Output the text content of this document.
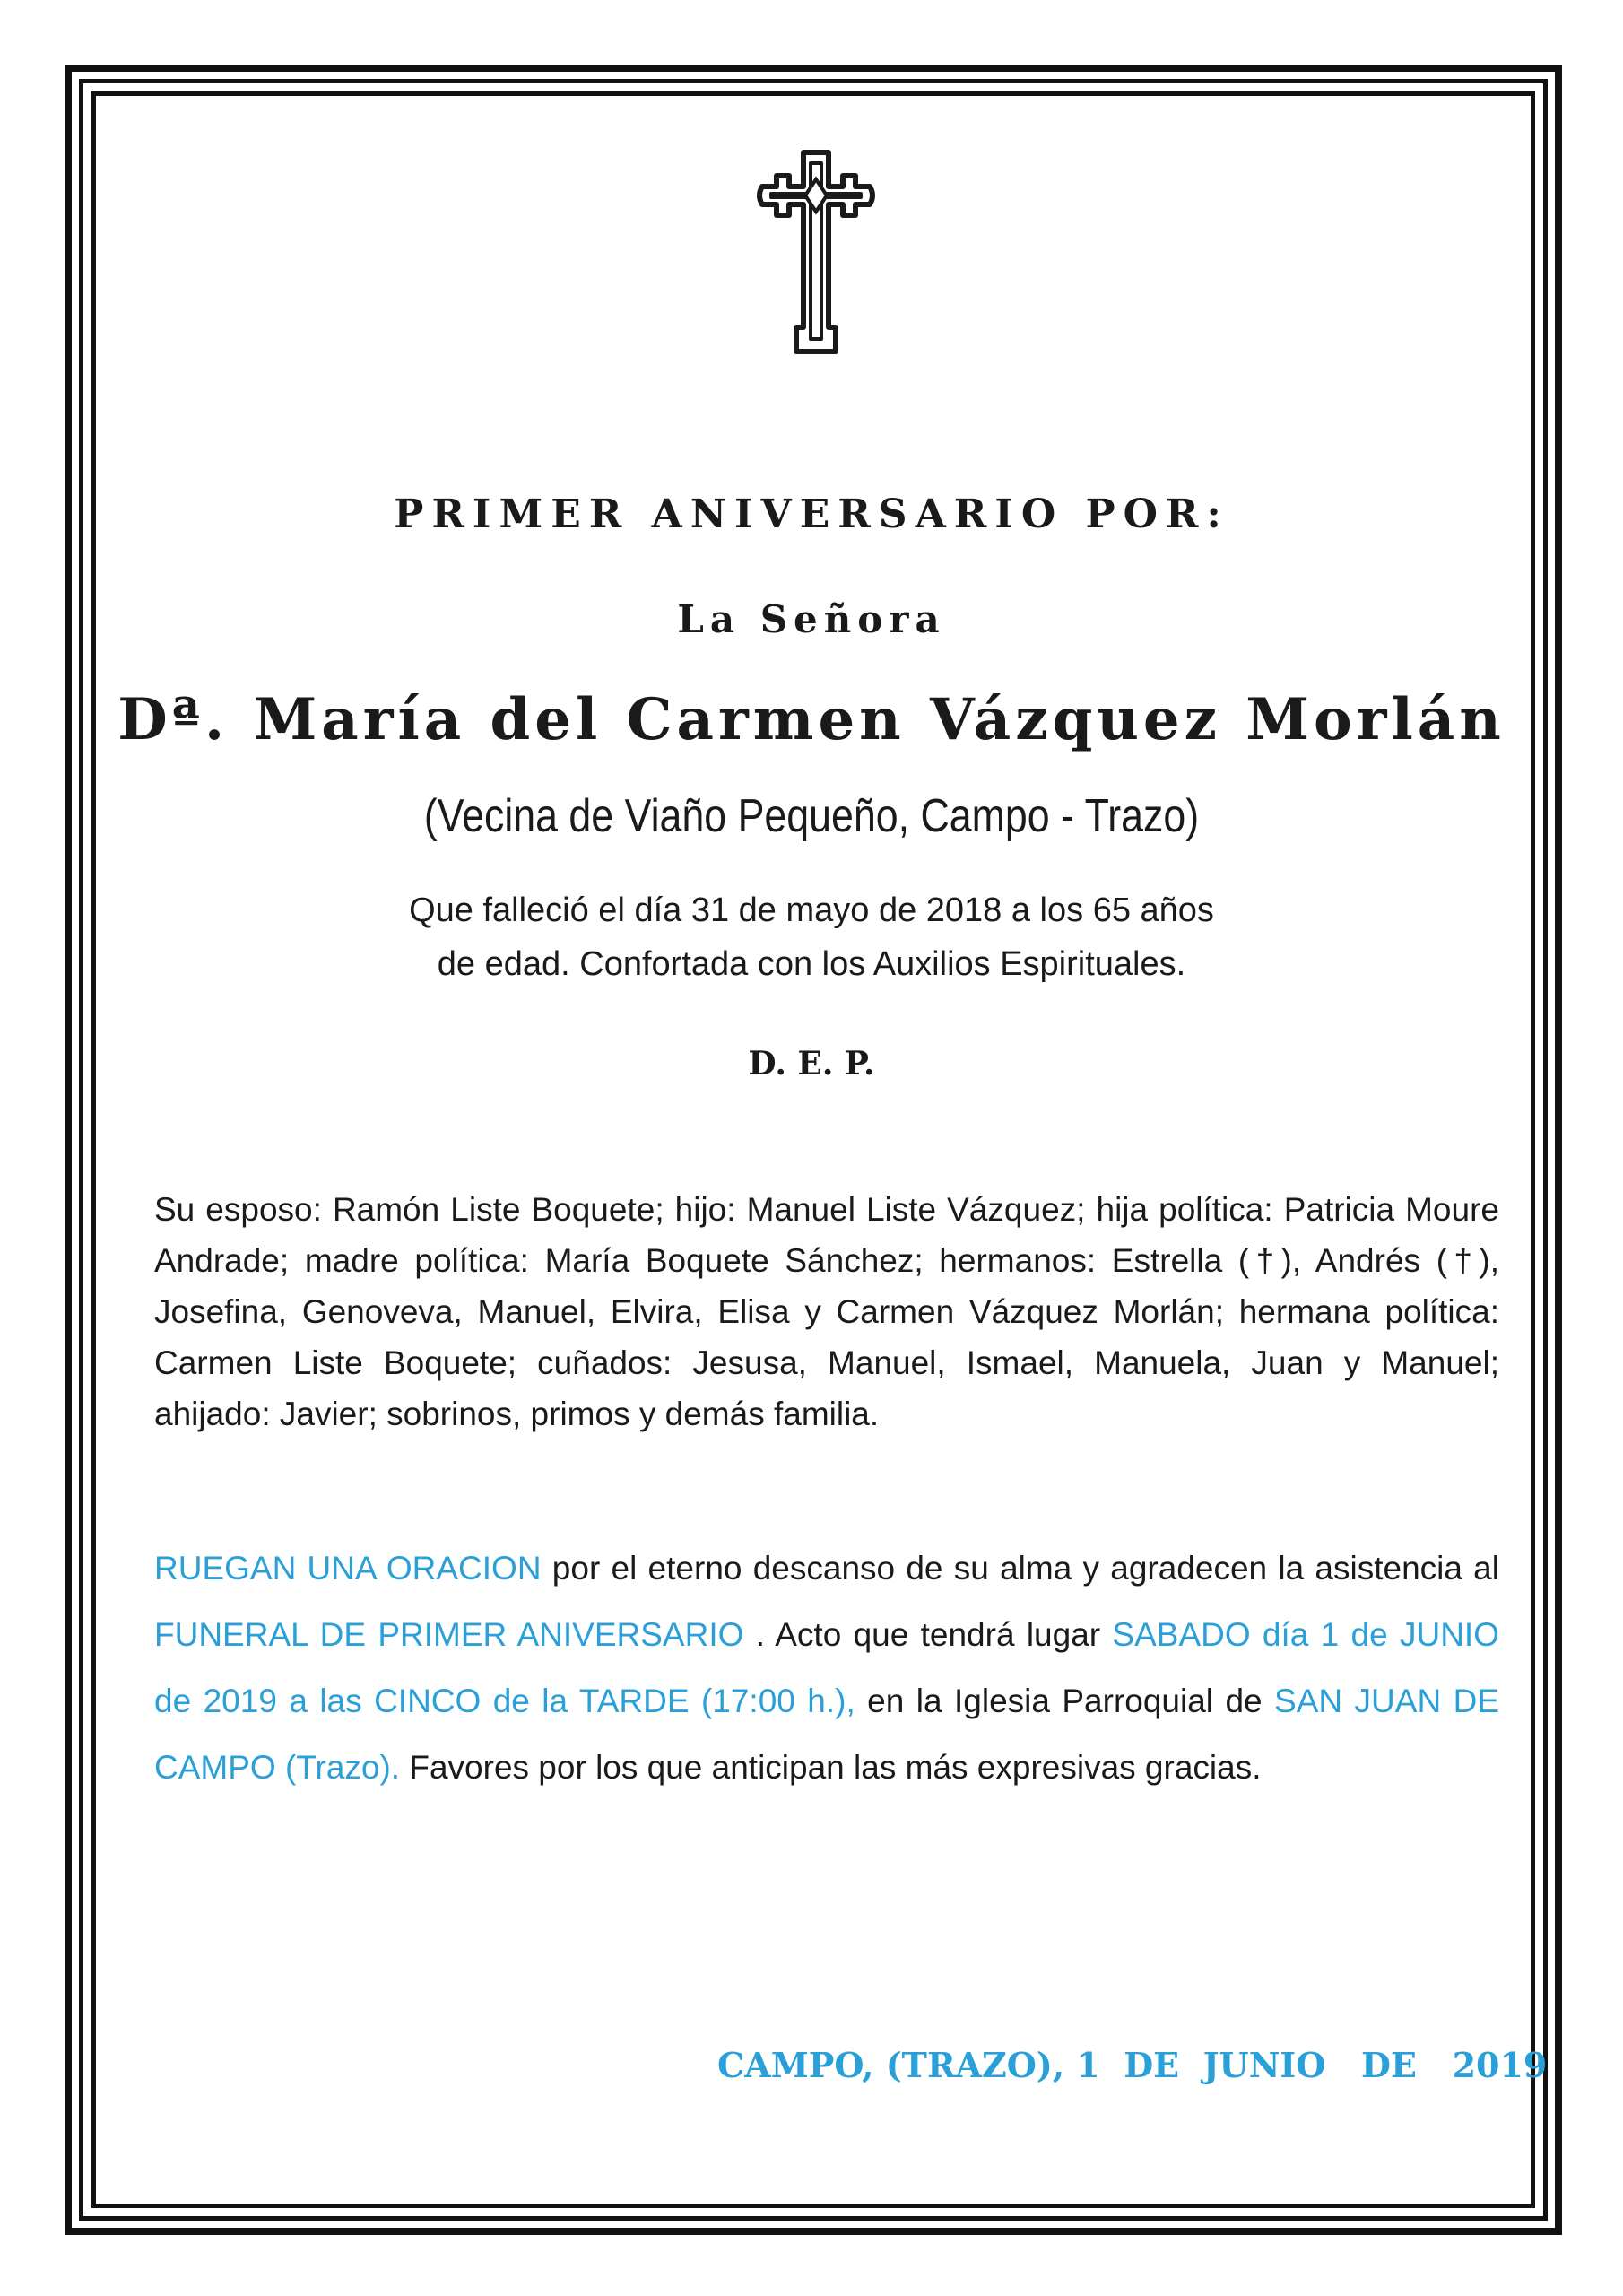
PRIMER ANIVERSARIO POR:
La Señora
Dª. María del Carmen Vázquez Morlán
(Vecina de Viaño Pequeño, Campo - Trazo)
Que falleció el día 31 de mayo de 2018 a los 65 años
de edad. Confortada con los Auxilios Espirituales.
D. E. P.
Su esposo: Ramón Liste Boquete; hijo: Manuel Liste Vázquez; hija política: Patricia Moure Andrade; madre política: María Boquete Sánchez; hermanos: Estrella (†), Andrés (†), Josefina, Genoveva, Manuel, Elvira, Elisa y Carmen Vázquez Morlán; hermana política: Carmen Liste Boquete; cuñados: Jesusa, Manuel, Ismael, Manuela, Juan y Manuel; ahijado: Javier; sobrinos, primos y demás familia.
RUEGAN UNA ORACION por el eterno descanso de su alma y agradecen la asistencia al FUNERAL DE PRIMER ANIVERSARIO . Acto que tendrá lugar SABADO día 1 de JUNIO de 2019 a las CINCO de la TARDE (17:00 h.), en la Iglesia Parroquial de SAN JUAN DE CAMPO (Trazo). Favores por los que anticipan las más expresivas gracias.
CAMPO, (TRAZO), 1  DE  JUNIO   DE   2019
